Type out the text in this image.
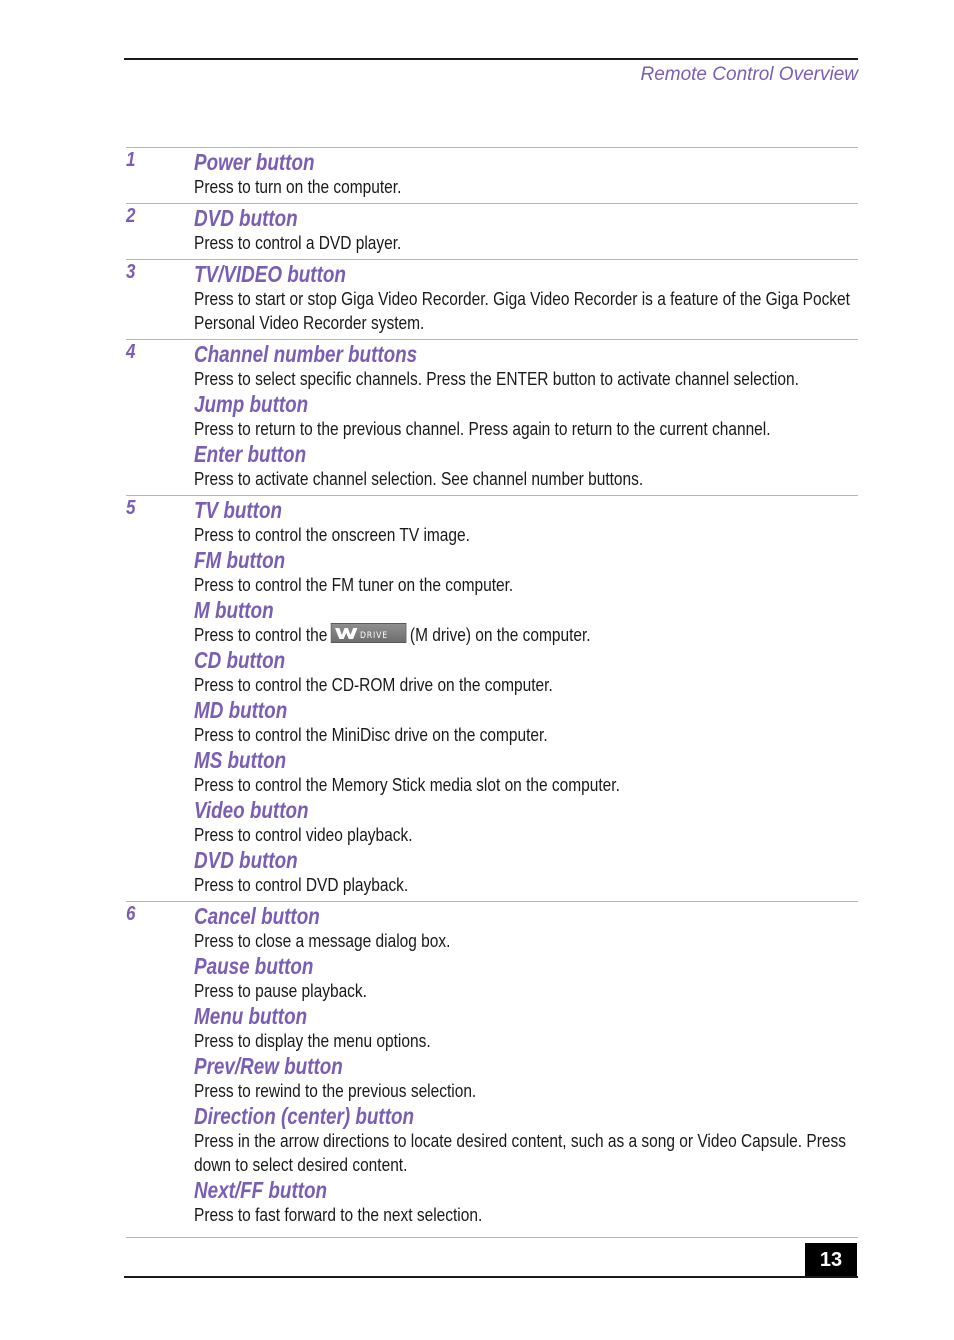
Remote Control Overview
1	Power button
Press to turn on the computer.
2	DVD button
Press to control a DVD player.
3	TV/VIDEO button
Press to start or stop Giga Video Recorder. Giga Video Recorder is a feature of the Giga Pocket Personal Video Recorder system.
4	Channel number buttons
Press to select specific channels. Press the ENTER button to activate channel selection.
Jump button
Press to return to the previous channel. Press again to return to the current channel.
Enter button
Press to activate channel selection. See channel number buttons.
5	TV button
Press to control the onscreen TV image.
FM button
Press to control the FM tuner on the computer.
M button
Press to control the	DRIVE (M drive) on the computer.
CD button
Press to control the CD-ROM drive on the computer.
MD button
Press to control the MiniDisc drive on the computer.
MS button
Press to control the Memory Stick media slot on the computer.
Video button
Press to control video playback.
DVD button
Press to control DVD playback.
6	Cancel button
Press to close a message dialog box.
Pause button
Press to pause playback.
Menu button
Press to display the menu options.
Prev/Rew button
Press to rewind to the previous selection.
Direction (center) button
Press in the arrow directions to locate desired content, such as a song or Video Capsule. Press down to select desired content.
Next/FF button
Press to fast forward to the next selection.
13
